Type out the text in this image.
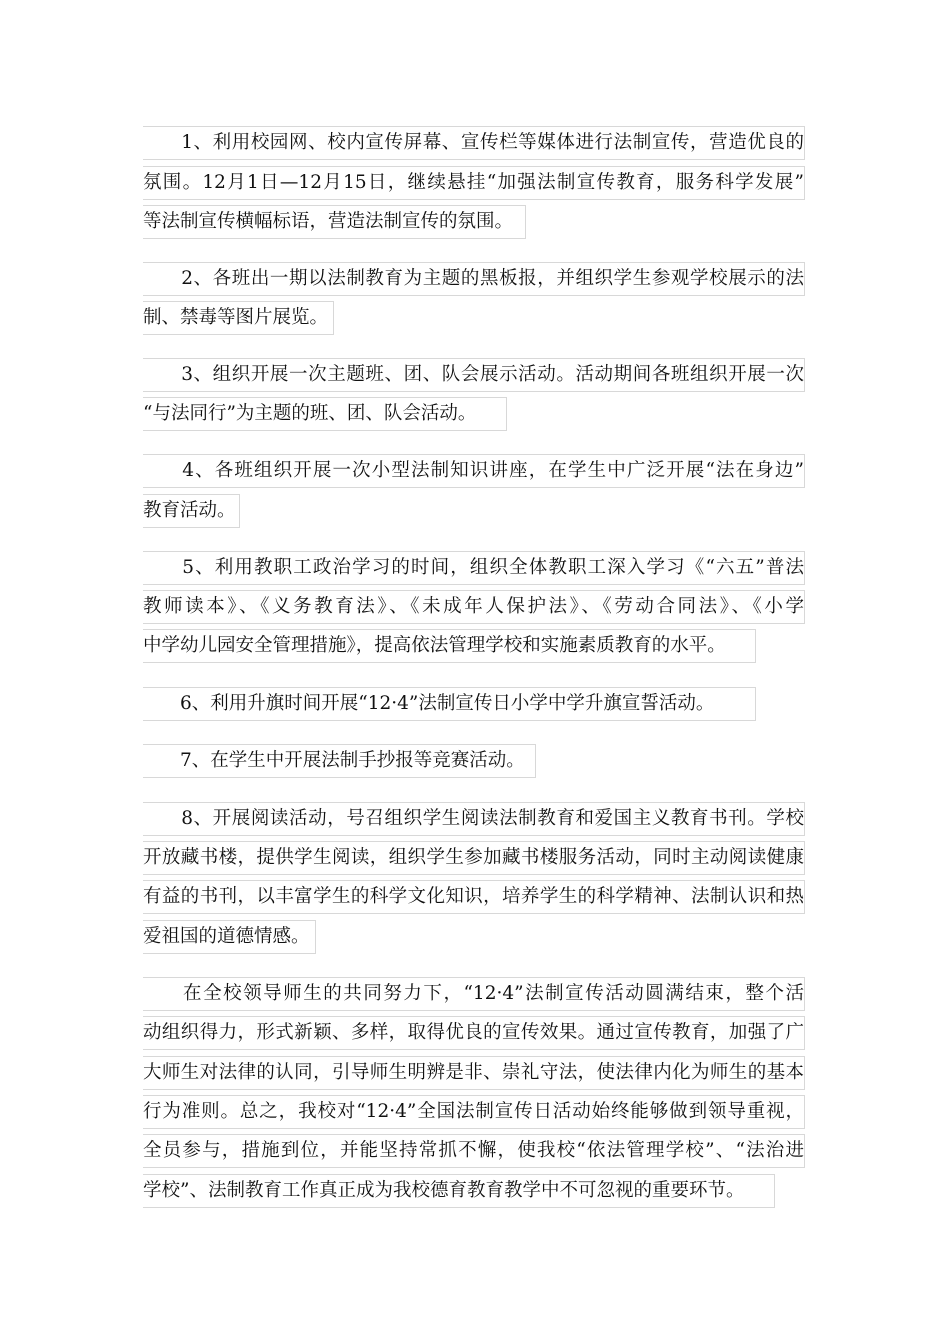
　　1、利用校园网、校内宣传屏幕、宣传栏等媒体进行法制宣传，营造优良的
氛围。12月1日—12月15日，继续悬挂“加强法制宣传教育，服务科学发展”
等法制宣传横幅标语，营造法制宣传的氛围。
　　2、各班出一期以法制教育为主题的黑板报，并组织学生参观学校展示的法
制、禁毒等图片展览。
　　3、组织开展一次主题班、团、队会展示活动。活动期间各班组织开展一次
“与法同行”为主题的班、团、队会活动。
　　4、各班组织开展一次小型法制知识讲座，在学生中广泛开展“法在身边”
教育活动。
　　5、利用教职工政治学习的时间，组织全体教职工深入学习《“六五”普法
教师读本》、《义务教育法》、《未成年人保护法》、《劳动合同法》、《小学
中学幼儿园安全管理措施》，提高依法管理学校和实施素质教育的水平。
　　6、利用升旗时间开展“12·4”法制宣传日小学中学升旗宣誓活动。
　　7、在学生中开展法制手抄报等竞赛活动。
　　8、开展阅读活动，号召组织学生阅读法制教育和爱国主义教育书刊。学校
开放藏书楼，提供学生阅读，组织学生参加藏书楼服务活动，同时主动阅读健康
有益的书刊，以丰富学生的科学文化知识，培养学生的科学精神、法制认识和热
爱祖国的道德情感。
　　在全校领导师生的共同努力下，“12·4”法制宣传活动圆满结束，整个活
动组织得力，形式新颖、多样，取得优良的宣传效果。通过宣传教育，加强了广
大师生对法律的认同，引导师生明辨是非、崇礼守法，使法律内化为师生的基本
行为准则。总之，我校对“12·4”全国法制宣传日活动始终能够做到领导重视，
全员参与，措施到位，并能坚持常抓不懈，使我校“依法管理学校”、“法治进
学校”、法制教育工作真正成为我校德育教育教学中不可忽视的重要环节。
